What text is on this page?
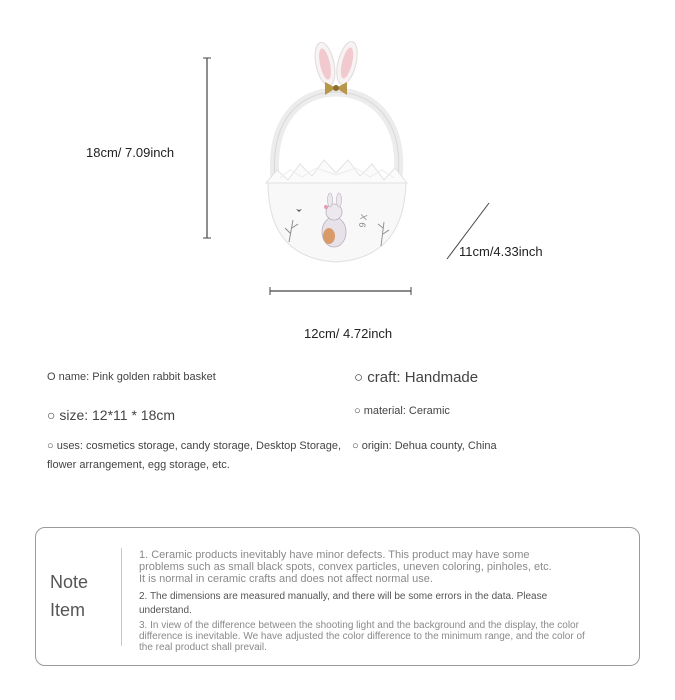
9 X
18cm/ 7.09inch
11cm/4.33inch
12cm/ 4.72inch
O name: Pink golden rabbit basket	○ craft: Handmade
○ size: 12*11 * 18cm	○ material: Ceramic
○ uses: cosmetics storage, candy storage, Desktop Storage,
flower arrangement, egg storage, etc.
○ origin: Dehua county, China
Note
Item
1. Ceramic products inevitably have minor defects. This product may have some
problems such as small black spots, convex particles, uneven coloring, pinholes, etc.
It is normal in ceramic crafts and does not affect normal use.
2. The dimensions are measured manually, and there will be some errors in the data. Please
understand.
3. In view of the difference between the shooting light and the background and the display, the color
difference is inevitable. We have adjusted the color difference to the minimum range, and the color of
the real product shall prevail.
